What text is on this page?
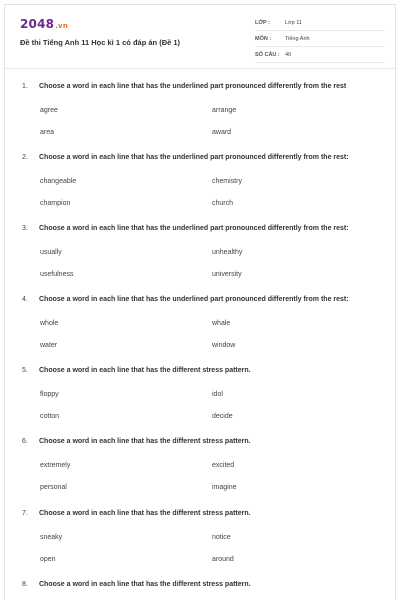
2048.vn
Đề thi Tiếng Anh 11 Học kì 1 có đáp án (Đề 1)
LỚP :	Lớp 11
MÔN :	Tiếng Anh
SỐ CÂU : 40
1. Choose a word in each line that has the underlined part pronounced differently from the rest
agree	arrange
area	award
2. Choose a word in each line that has the underlined part pronounced differently from the rest:
changeable	chemistry
champion	church
3. Choose a word in each line that has the underlined part pronounced differently from the rest:
usually	unhealthy
usefulness	university
4. Choose a word in each line that has the underlined part pronounced differently from the rest:
whole	whale
water	window
5. Choose a word in each line that has the different stress pattern.
floppy	idol
cotton	decide
6. Choose a word in each line that has the different stress pattern.
extremely	excited
personal	imagine
7. Choose a word in each line that has the different stress pattern.
sneaky	notice
open	around
8. Choose a word in each line that has the different stress pattern.
